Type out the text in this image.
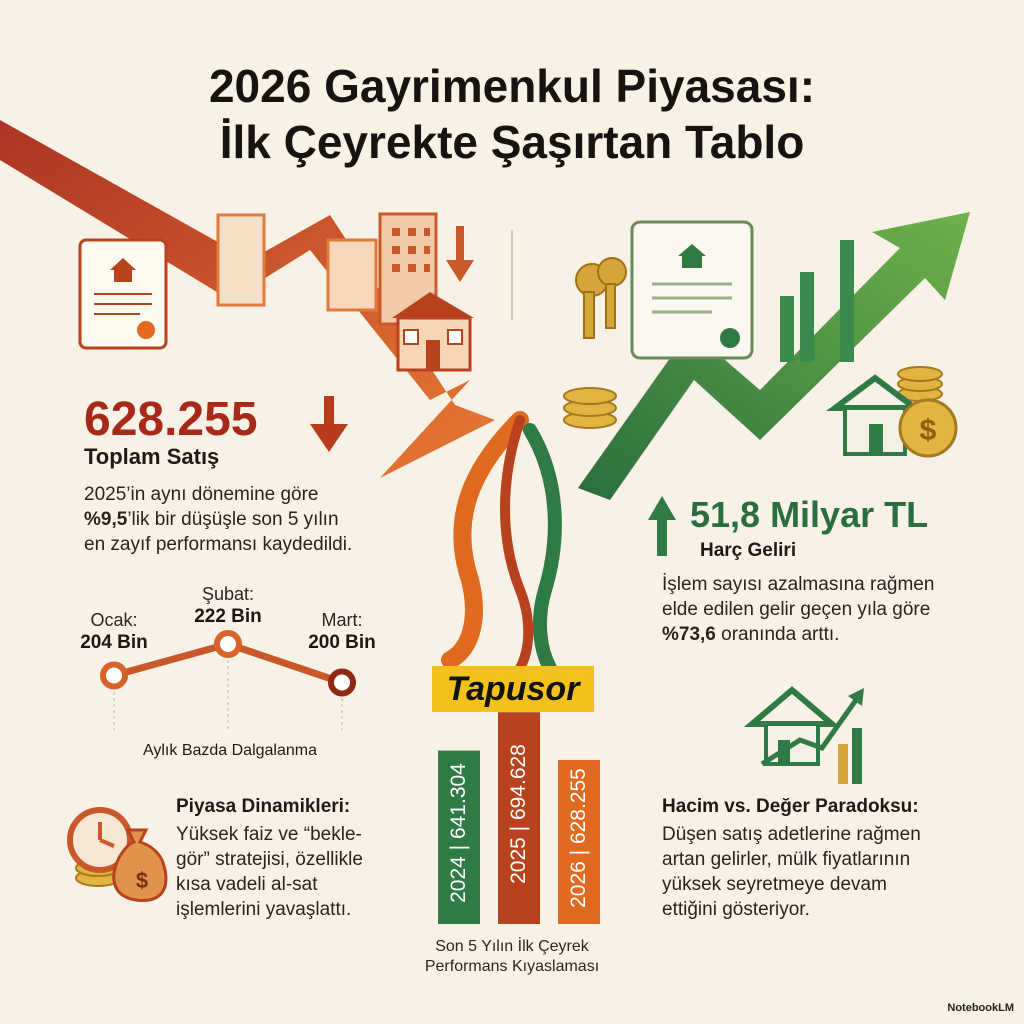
$
$
2026 Gayrimenkul Piyasası:
İlk Çeyrekte Şaşırtan Tablo
628.255
Toplam Satış
2025’in aynı dönemine göre
%9,5’lik bir düşüşle son 5 yılın
en zayıf performansı kaydedildi.
Ocak:
204 Bin
Şubat:
222 Bin	Mart:
200 Bin
Aylık Bazda Dalgalanma
Piyasa Dinamikleri:
Yüksek faiz ve “bekle-
gör” stratejisi, özellikle
kısa vadeli al-sat
işlemlerini yavaşlattı.
51,8 Milyar TL
Harç Geliri
İşlem sayısı azalmasına rağmen
elde edilen gelir geçen yıla göre
%73,6 oranında arttı.
Hacim vs. Değer Paradoksu:
Düşen satış adetlerine rağmen
artan gelirler, mülk fiyatlarının
yüksek seyretmeye devam
ettiğini gösteriyor.
Tapusor
2024 | 641.304 2025 | 694.628 2026 | 628.255
Son 5 Yılın İlk Çeyrek
Performans Kıyaslaması
NotebookLM
